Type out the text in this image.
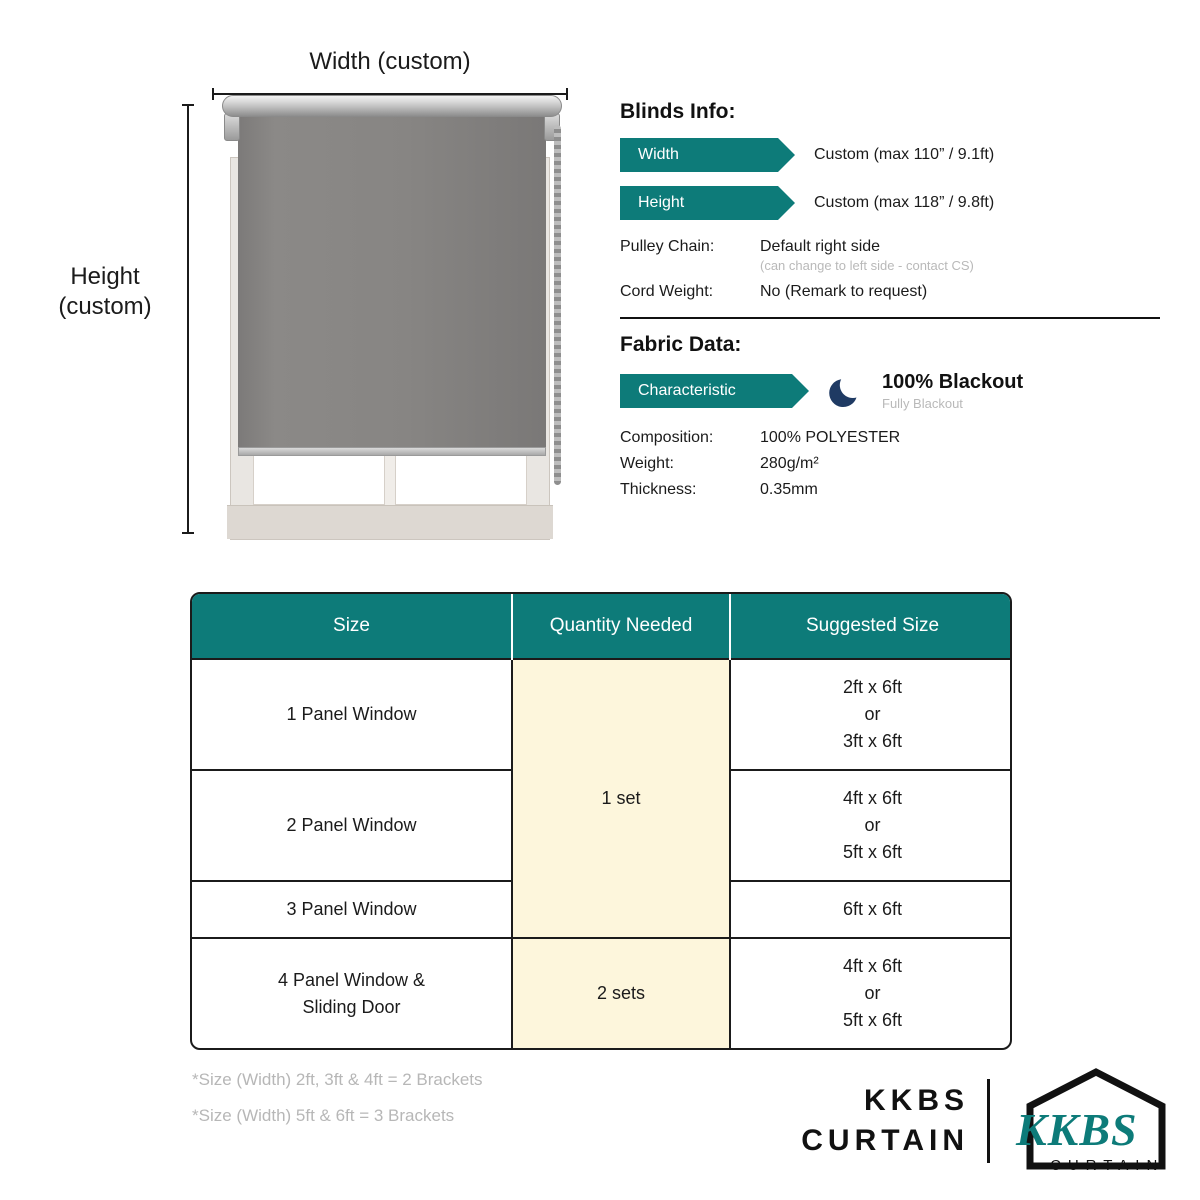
Width (custom)
Height
(custom)
Blinds Info:
Width	Custom (max 110” / 9.1ft)
Height	Custom (max 118” / 9.8ft)
Pulley Chain:	Default right side
(can change to left side - contact CS)
Cord Weight:	No (Remark to request)
Fabric Data:
Characteristic	100% Blackout
Fully Blackout
Composition:	100% POLYESTER
Weight:	280g/m²
Thickness:	0.35mm
Size	Quantity Needed	Suggested Size
1 Panel Window	1 set	2ft x 6ft
or
3ft x 6ft
2 Panel Window		4ft x 6ft
or
5ft x 6ft
3 Panel Window		6ft x 6ft
4 Panel Window &
Sliding Door	2 sets	4ft x 6ft
or
5ft x 6ft
*Size (Width) 2ft, 3ft & 4ft = 2 Brackets
*Size (Width) 5ft & 6ft = 3 Brackets	KKBS
CURTAIN KKBS
CURTAIN
